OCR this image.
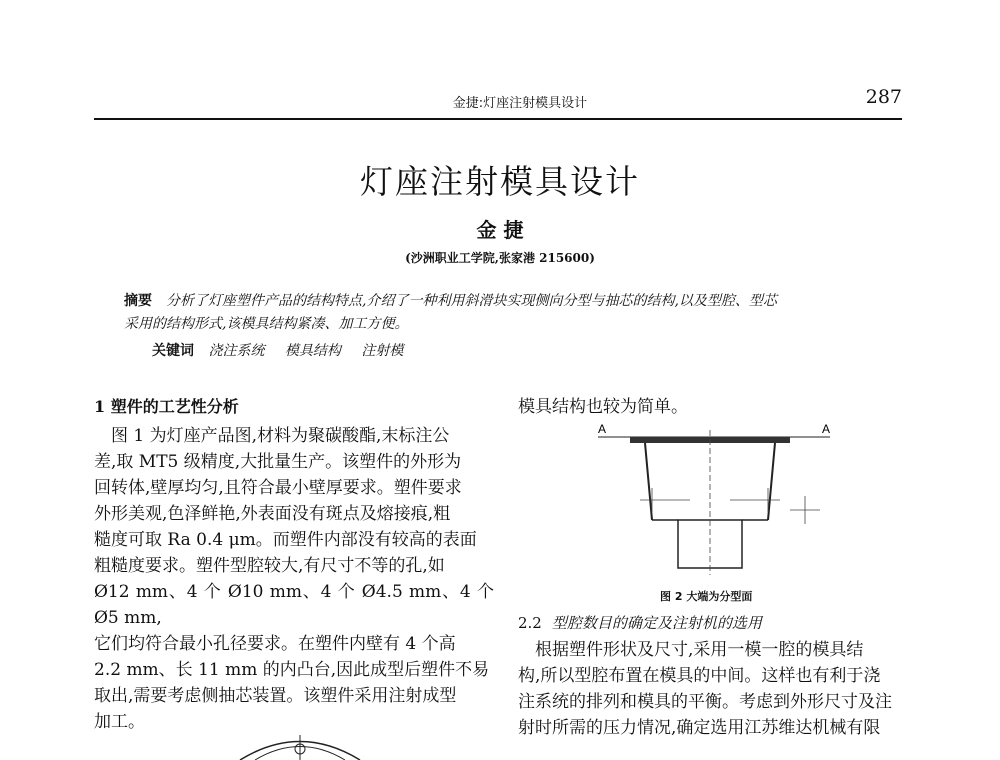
金捷:灯座注射模具设计	287
灯座注射模具设计
金 捷
(沙洲职业工学院,张家港 215600)
摘要 分析了灯座塑件产品的结构特点,介绍了一种利用斜滑块实现侧向分型与抽芯的结构,以及型腔、型芯
采用的结构形式,该模具结构紧凑、加工方便。
关键词 浇注系统 模具结构 注射模
1 塑件的工艺性分析
　图 1 为灯座产品图,材料为聚碳酸酯,末标注公
差,取 MT5 级精度,大批量生产。该塑件的外形为
回转体,壁厚均匀,且符合最小壁厚要求。塑件要求
外形美观,色泽鲜艳,外表面没有斑点及熔接痕,粗
糙度可取 Ra 0.4 μm。而塑件内部没有较高的表面
粗糙度要求。塑件型腔较大,有尺寸不等的孔,如
Ø12 mm、4 个 Ø10 mm、4 个 Ø4.5 mm、4 个 Ø5 mm,
它们均符合最小孔径要求。在塑件内壁有 4 个高
2.2 mm、长 11 mm 的内凸台,因此成型后塑件不易
取出,需要考虑侧抽芯装置。该塑件采用注射成型
加工。
模具结构也较为简单。
A	A
图 2 大端为分型面
2.2 型腔数目的确定及注射机的选用
　根据塑件形状及尺寸,采用一模一腔的模具结
构,所以型腔布置在模具的中间。这样也有利于浇
注系统的排列和模具的平衡。考虑到外形尺寸及注
射时所需的压力情况,确定选用江苏维达机械有限
